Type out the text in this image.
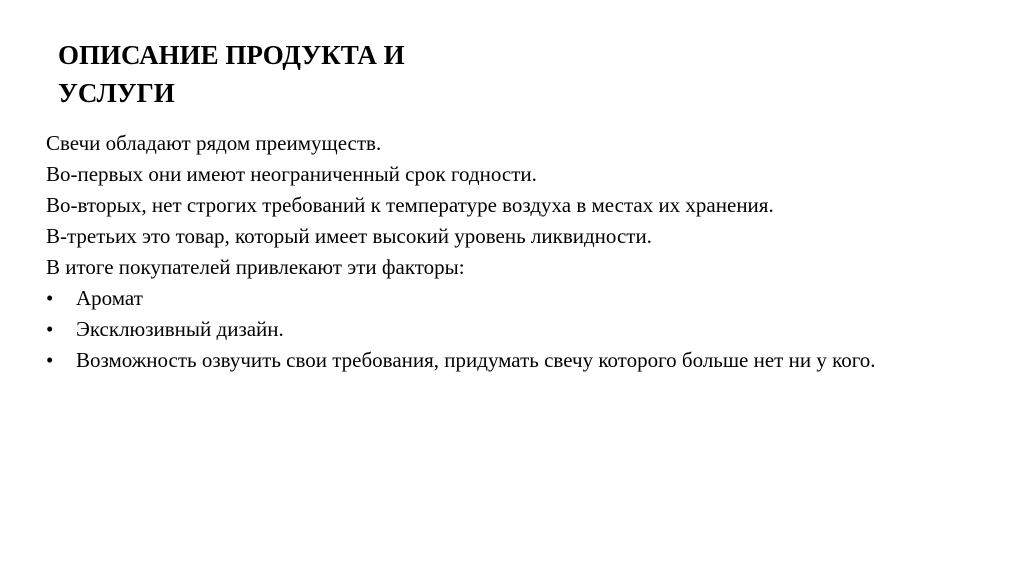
ОПИСАНИЕ ПРОДУКТА И
УСЛУГИ

Свечи обладают рядом преимуществ.

Во-первых они имеют неограниченный срок годности.

Во-вторых, нет строгих требований к температуре воздуха в местах их хранения.

В-третьих это товар, который имеет высокий уровень ликвидности.

В итоге покупателей привлекают эти факторы:

• Аромат
• Эксклюзивный дизайн.
• Возможность озвучить свои требования, придумать свечу которого больше нет ни у кого.
